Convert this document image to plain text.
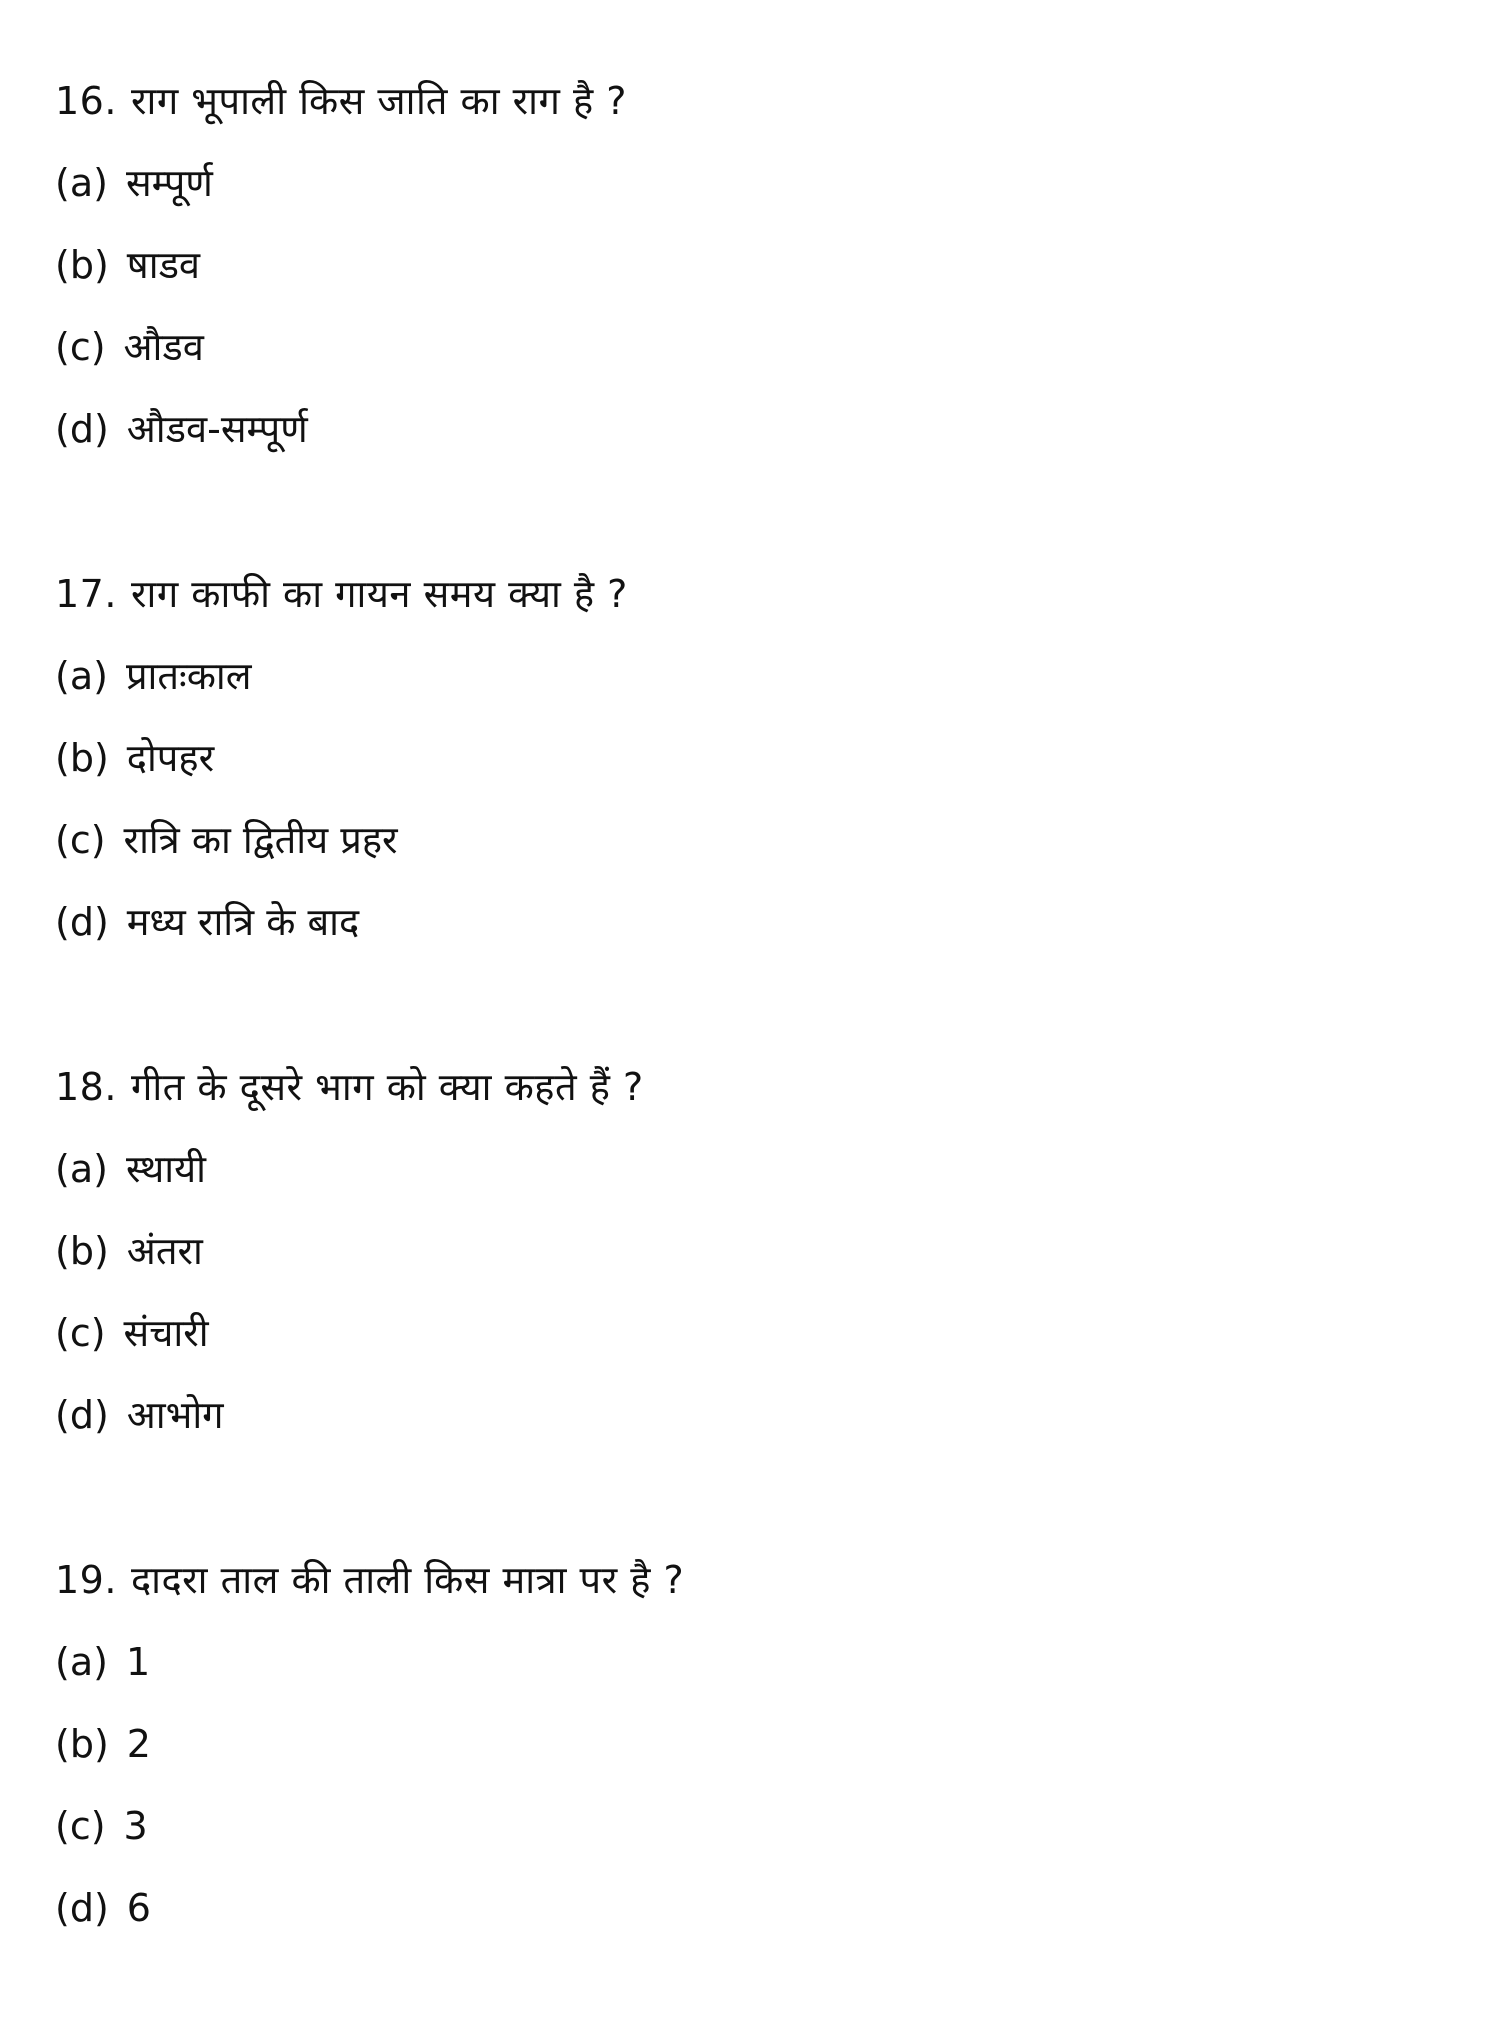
16. राग भूपाली किस जाति का राग है ?
(a) सम्पूर्ण
(b) षाडव
(c) औडव
(d) औडव-सम्पूर्ण
17. राग काफी का गायन समय क्या है ?
(a) प्रातःकाल
(b) दोपहर
(c) रात्रि का द्वितीय प्रहर
(d) मध्य रात्रि के बाद
18. गीत के दूसरे भाग को क्या कहते हैं ?
(a) स्थायी
(b) अंतरा
(c) संचारी
(d) आभोग
19. दादरा ताल की ताली किस मात्रा पर है ?
(a) 1
(b) 2
(c) 3
(d) 6
